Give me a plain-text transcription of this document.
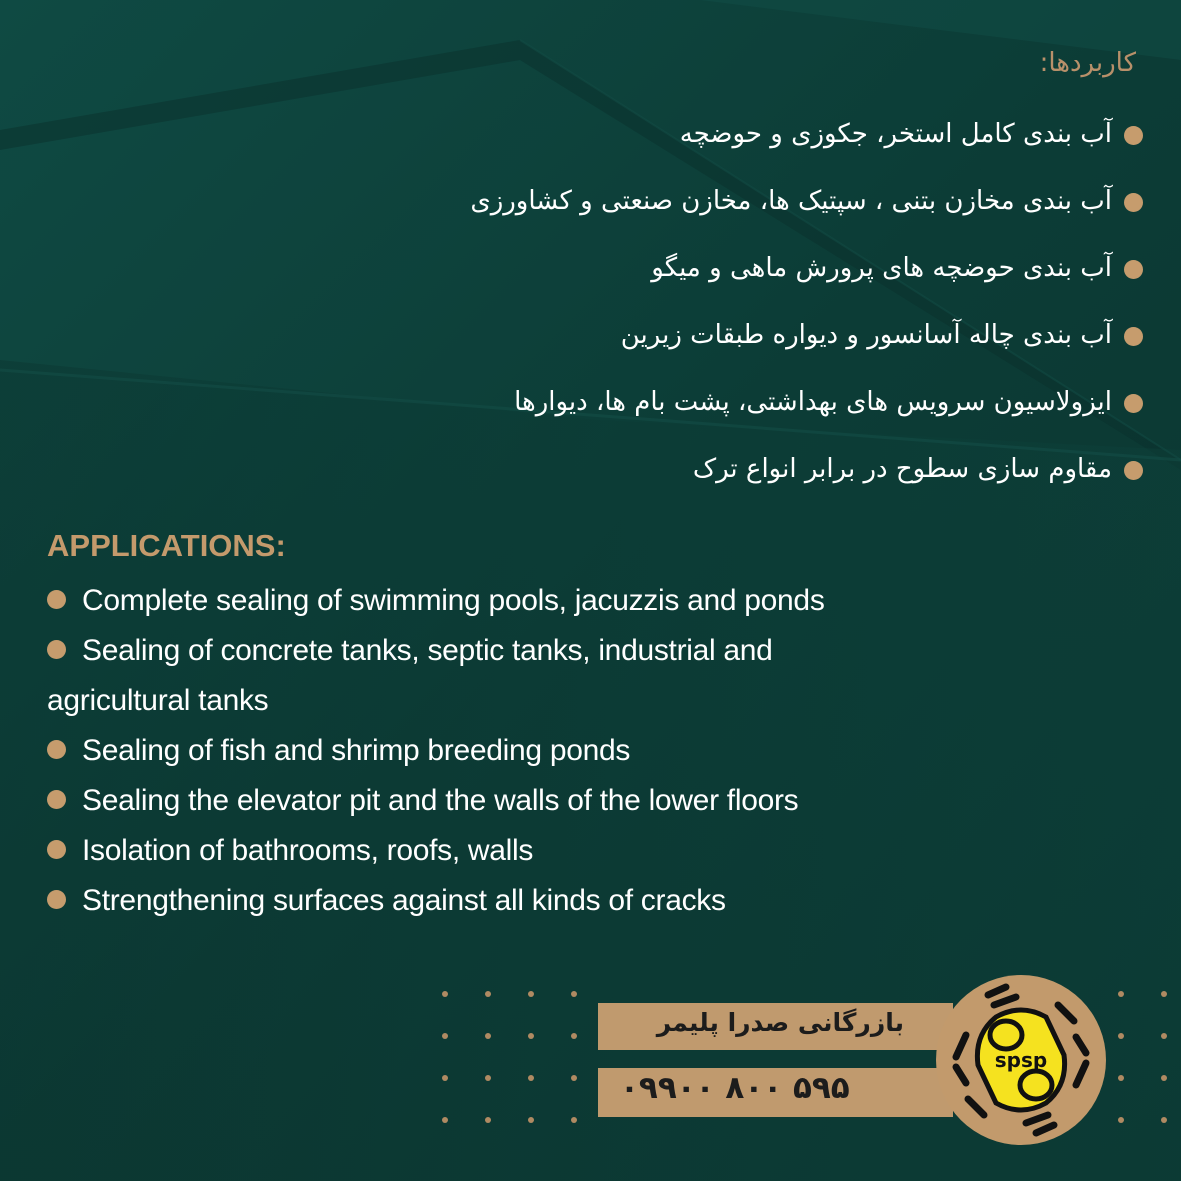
کاربردها:
آب بندی کامل استخر، جکوزی و حوضچه
آب بندی مخازن بتنی ، سپتیک ها، مخازن صنعتی و کشاورزی
آب بندی حوضچه های پرورش ماهی و میگو
آب بندی چاله آسانسور و دیواره طبقات زیرین
ایزولاسیون سرویس های بهداشتی، پشت بام ها، دیوارها
مقاوم سازی سطوح در برابر انواع ترک
APPLICATIONS:
Complete sealing of swimming pools, jacuzzis and ponds
Sealing of concrete tanks, septic tanks, industrial and agricultural tanks
Sealing of fish and shrimp breeding ponds
Sealing the elevator pit and the walls of the lower floors
Isolation of bathrooms, roofs, walls
Strengthening surfaces against all kinds of cracks
بازرگانی صدرا پلیمر
۰۹۹۰۰ ۸۰۰ ۵۹۵
spsp
